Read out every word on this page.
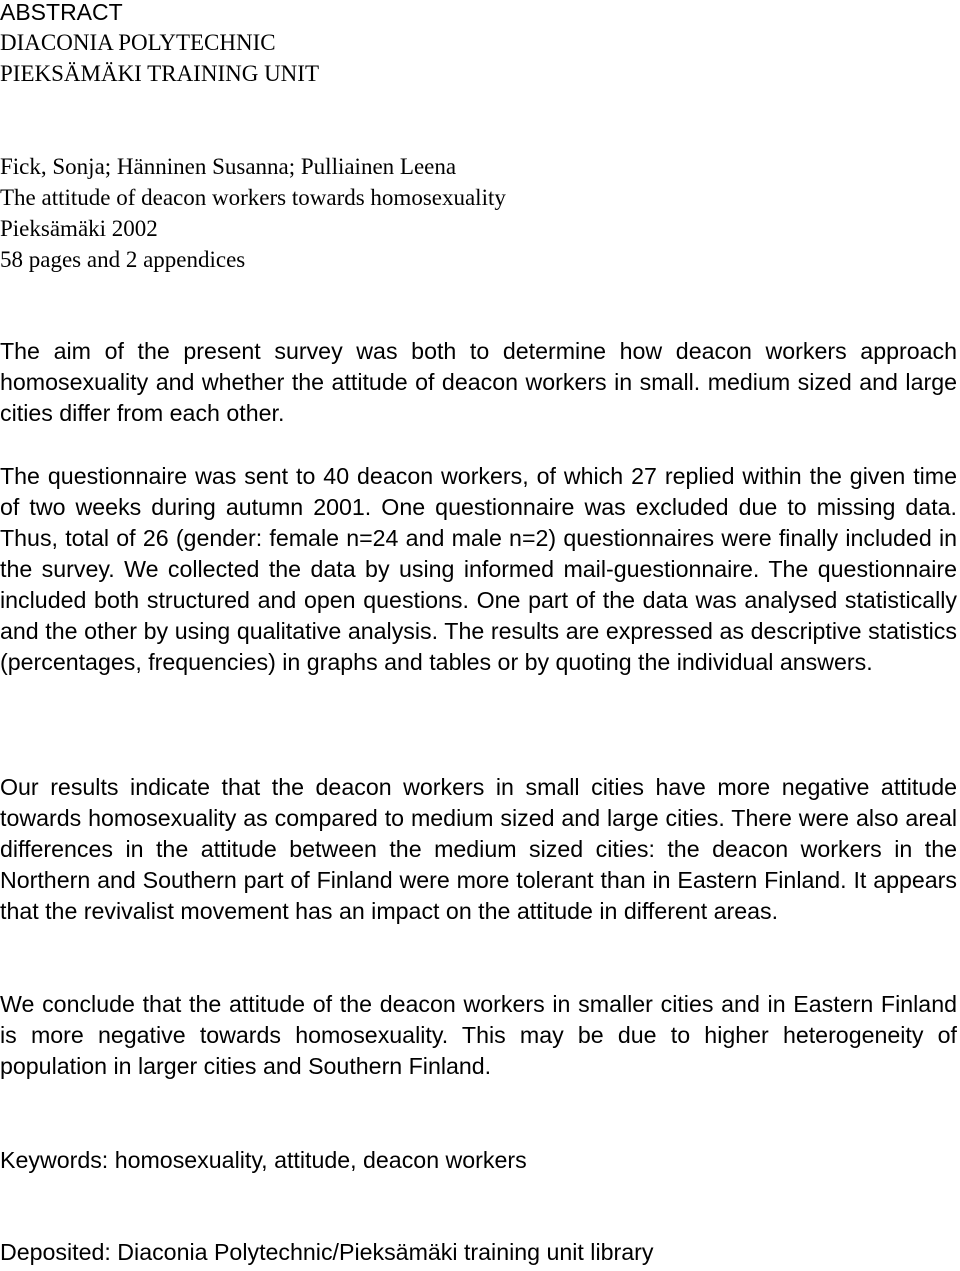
ABSTRACT
DIACONIA POLYTECHNIC
PIEKSÄMÄKI TRAINING UNIT
Fick, Sonja; Hänninen Susanna; Pulliainen Leena
The attitude of deacon workers towards homosexuality
Pieksämäki 2002
58 pages and 2 appendices

The aim of the present survey was both to determine how deacon workers approach homosexuality and whether the attitude of deacon workers in small. medium sized and large cities differ from each other.

The questionnaire was sent to 40 deacon workers, of which 27 replied within the given time of two weeks during autumn 2001. One questionnaire was excluded due to missing data. Thus, total of 26 (gender: female n=24 and male n=2) questionnaires were finally included in the survey. We collected the data by using informed mail-guestionnaire. The questionnaire included both structured and open questions. One part of the data was analysed statistically and the other by using qualitative analysis. The results are expressed as descriptive statistics (percentages, frequencies) in graphs and tables or by quoting the individual answers.

Our results indicate that the deacon workers in small cities have more negative attitude towards homosexuality as compared to medium sized and large cities. There were also areal differences in the attitude between the medium sized cities: the deacon workers in the Northern and Southern part of Finland were more tolerant than in Eastern Finland. It appears that the revivalist movement has an impact on the attitude in different areas.

We conclude that the attitude of the deacon workers in smaller cities and in Eastern Finland is more negative towards homosexuality. This may be due to higher heterogeneity of population in larger cities and Southern Finland.

Keywords: homosexuality, attitude, deacon workers
Deposited: Diaconia Polytechnic/Pieksämäki training unit library
